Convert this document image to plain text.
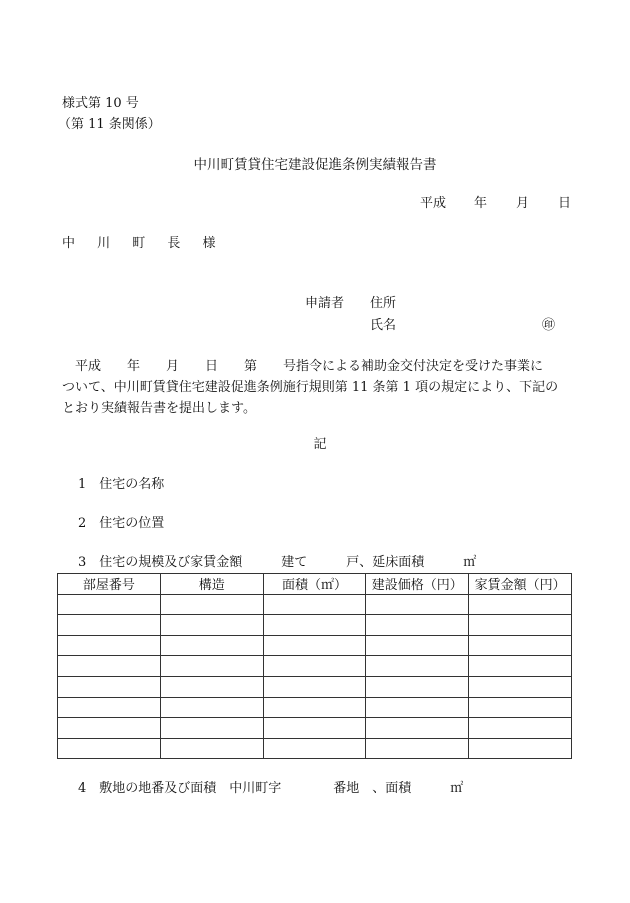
様式第 10 号
（第 11 条関係）
中川町賃貸住宅建設促進条例実績報告書
平成 年 月 日
中 川 町 長 様
申請者 住所
氏名	㊞
平成　　年　　月　　日　　第　　号指令による補助金交付決定を受けた事業に
ついて、中川町賃貸住宅建設促進条例施行規則第 11 条第 1 項の規定により、下記の
とおり実績報告書を提出します。
記
1　住宅の名称
2　住宅の位置
3　住宅の規模及び家賃金額　　　建て　　　戸、延床面積　　　㎡
部屋番号	構造	面積（㎡）	建設価格（円）	家賃金額（円）

4　敷地の地番及び面積　中川町字　　　　番地　、面積　　　㎡
